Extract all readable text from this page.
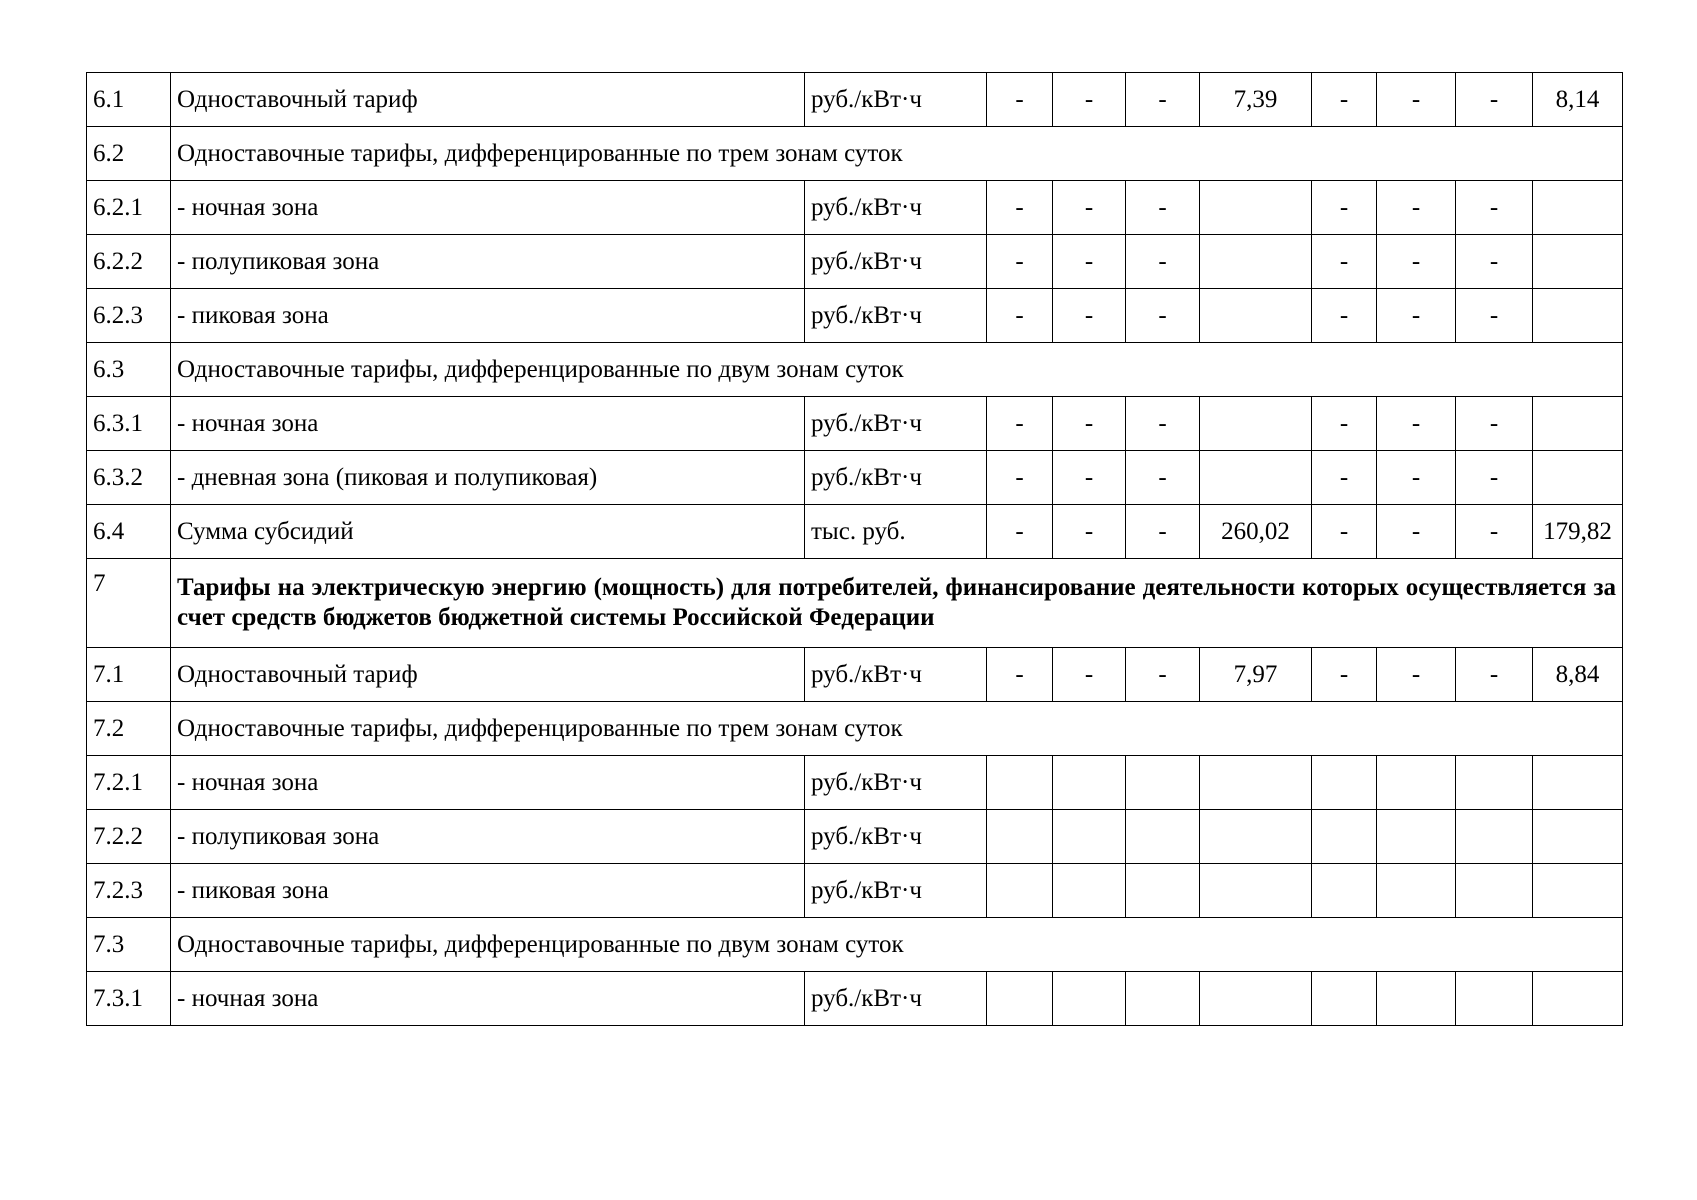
6.1	Одноставочный тариф	руб./кВт·ч	-	-	-	7,39	-	-	-	8,14
6.2	Одноставочные тарифы, дифференцированные по трем зонам суток									
6.2.1	- ночная зона	руб./кВт·ч	-	-	-		-	-	-	
6.2.2	- полупиковая зона	руб./кВт·ч	-	-	-		-	-	-	
6.2.3	- пиковая зона	руб./кВт·ч	-	-	-		-	-	-	
6.3	Одноставочные тарифы, дифференцированные по двум зонам суток									
6.3.1	- ночная зона	руб./кВт·ч	-	-	-		-	-	-	
6.3.2	- дневная зона (пиковая и полупиковая)	руб./кВт·ч	-	-	-		-	-	-	
6.4	Сумма субсидий	тыс. руб.	-	-	-	260,02	-	-	-	179,82
7	Тарифы на электрическую энергию (мощность) для потребителей, финансирование деятельности которых осуществляется за счет средств бюджетов бюджетной системы Российской Федерации									
7.1	Одноставочный тариф	руб./кВт·ч	-	-	-	7,97	-	-	-	8,84
7.2	Одноставочные тарифы, дифференцированные по трем зонам суток									
7.2.1	- ночная зона	руб./кВт·ч								
7.2.2	- полупиковая зона	руб./кВт·ч								
7.2.3	- пиковая зона	руб./кВт·ч								
7.3	Одноставочные тарифы, дифференцированные по двум зонам суток									
7.3.1	- ночная зона	руб./кВт·ч								
